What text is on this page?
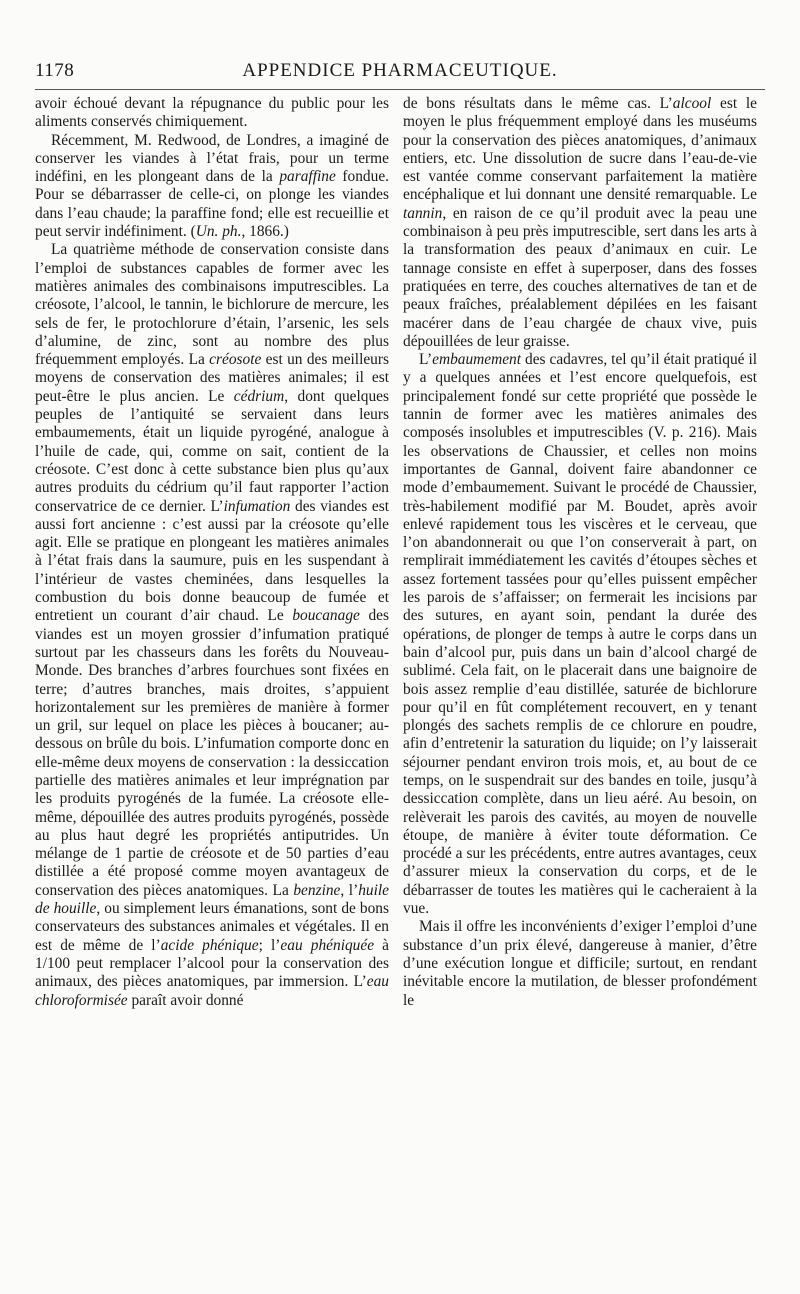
1178	APPENDICE PHARMACEUTIQUE.

avoir échoué devant la répugnance du public pour les aliments conservés chimiquement.

Récemment, M. Redwood, de Londres, a imaginé de conserver les viandes à l’état frais, pour un terme indéfini, en les plongeant dans de la paraffine fondue. Pour se débarrasser de celle-ci, on plonge les viandes dans l’eau chaude; la paraffine fond; elle est recueillie et peut servir indéfiniment. (Un. ph., 1866.)

La quatrième méthode de conservation consiste dans l’emploi de substances capables de former avec les matières animales des combinaisons imputrescibles. La créosote, l’alcool, le tannin, le bichlorure de mercure, les sels de fer, le protochlorure d’étain, l’arsenic, les sels d’alumine, de zinc, sont au nombre des plus fréquemment employés. La créosote est un des meilleurs moyens de conservation des matières animales; il est peut-être le plus ancien. Le cédrium, dont quelques peuples de l’antiquité se servaient dans leurs embaumements, était un liquide pyrogéné, analogue à l’huile de cade, qui, comme on sait, contient de la créosote. C’est donc à cette substance bien plus qu’aux autres produits du cédrium qu’il faut rapporter l’action conservatrice de ce dernier. L’infumation des viandes est aussi fort ancienne : c’est aussi par la créosote qu’elle agit. Elle se pratique en plongeant les matières animales à l’état frais dans la saumure, puis en les suspendant à l’intérieur de vastes cheminées, dans lesquelles la combustion du bois donne beaucoup de fumée et entretient un courant d’air chaud. Le boucanage des viandes est un moyen grossier d’infumation pratiqué surtout par les chasseurs dans les forêts du Nouveau-Monde. Des branches d’arbres fourchues sont fixées en terre; d’autres branches, mais droites, s’appuient horizontalement sur les premières de manière à former un gril, sur lequel on place les pièces à boucaner; au-dessous on brûle du bois. L’infumation comporte donc en elle-même deux moyens de conservation : la dessiccation partielle des matières animales et leur imprégnation par les produits pyrogénés de la fumée. La créosote elle-même, dépouillée des autres produits pyrogénés, possède au plus haut degré les propriétés antiputrides. Un mélange de 1 partie de créosote et de 50 parties d’eau distillée a été proposé comme moyen avantageux de conservation des pièces anatomiques. La benzine, l’huile de houille, ou simplement leurs émanations, sont de bons conservateurs des substances animales et végétales. Il en est de même de l’acide phénique; l’eau phéniquée à 1/100 peut remplacer l’alcool pour la conservation des animaux, des pièces anatomiques, par immersion. L’eau chloroformisée paraît avoir donné

de bons résultats dans le même cas. L’alcool est le moyen le plus fréquemment employé dans les muséums pour la conservation des pièces anatomiques, d’animaux entiers, etc. Une dissolution de sucre dans l’eau-de-vie est vantée comme conservant parfaitement la matière encéphalique et lui donnant une densité remarquable. Le tannin, en raison de ce qu’il produit avec la peau une combinaison à peu près imputrescible, sert dans les arts à la transformation des peaux d’animaux en cuir. Le tannage consiste en effet à superposer, dans des fosses pratiquées en terre, des couches alternatives de tan et de peaux fraîches, préalablement dépilées en les faisant macérer dans de l’eau chargée de chaux vive, puis dépouillées de leur graisse.

L’embaumement des cadavres, tel qu’il était pratiqué il y a quelques années et l’est encore quelquefois, est principalement fondé sur cette propriété que possède le tannin de former avec les matières animales des composés insolubles et imputrescibles (V. p. 216). Mais les observations de Chaussier, et celles non moins importantes de Gannal, doivent faire abandonner ce mode d’embaumement. Suivant le procédé de Chaussier, très-habilement modifié par M. Boudet, après avoir enlevé rapidement tous les viscères et le cerveau, que l’on abandonnerait ou que l’on conserverait à part, on remplirait immédiatement les cavités d’étoupes sèches et assez fortement tassées pour qu’elles puissent empêcher les parois de s’affaisser; on fermerait les incisions par des sutures, en ayant soin, pendant la durée des opérations, de plonger de temps à autre le corps dans un bain d’alcool pur, puis dans un bain d’alcool chargé de sublimé. Cela fait, on le placerait dans une baignoire de bois assez remplie d’eau distillée, saturée de bichlorure pour qu’il en fût complétement recouvert, en y tenant plongés des sachets remplis de ce chlorure en poudre, afin d’entretenir la saturation du liquide; on l’y laisserait séjourner pendant environ trois mois, et, au bout de ce temps, on le suspendrait sur des bandes en toile, jusqu’à dessiccation complète, dans un lieu aéré. Au besoin, on relèverait les parois des cavités, au moyen de nouvelle étoupe, de manière à éviter toute déformation. Ce procédé a sur les précédents, entre autres avantages, ceux d’assurer mieux la conservation du corps, et de le débarrasser de toutes les matières qui le cacheraient à la vue.

Mais il offre les inconvénients d’exiger l’emploi d’une substance d’un prix élevé, dangereuse à manier, d’être d’une exécution longue et difficile; surtout, en rendant inévitable encore la mutilation, de blesser profondément le
